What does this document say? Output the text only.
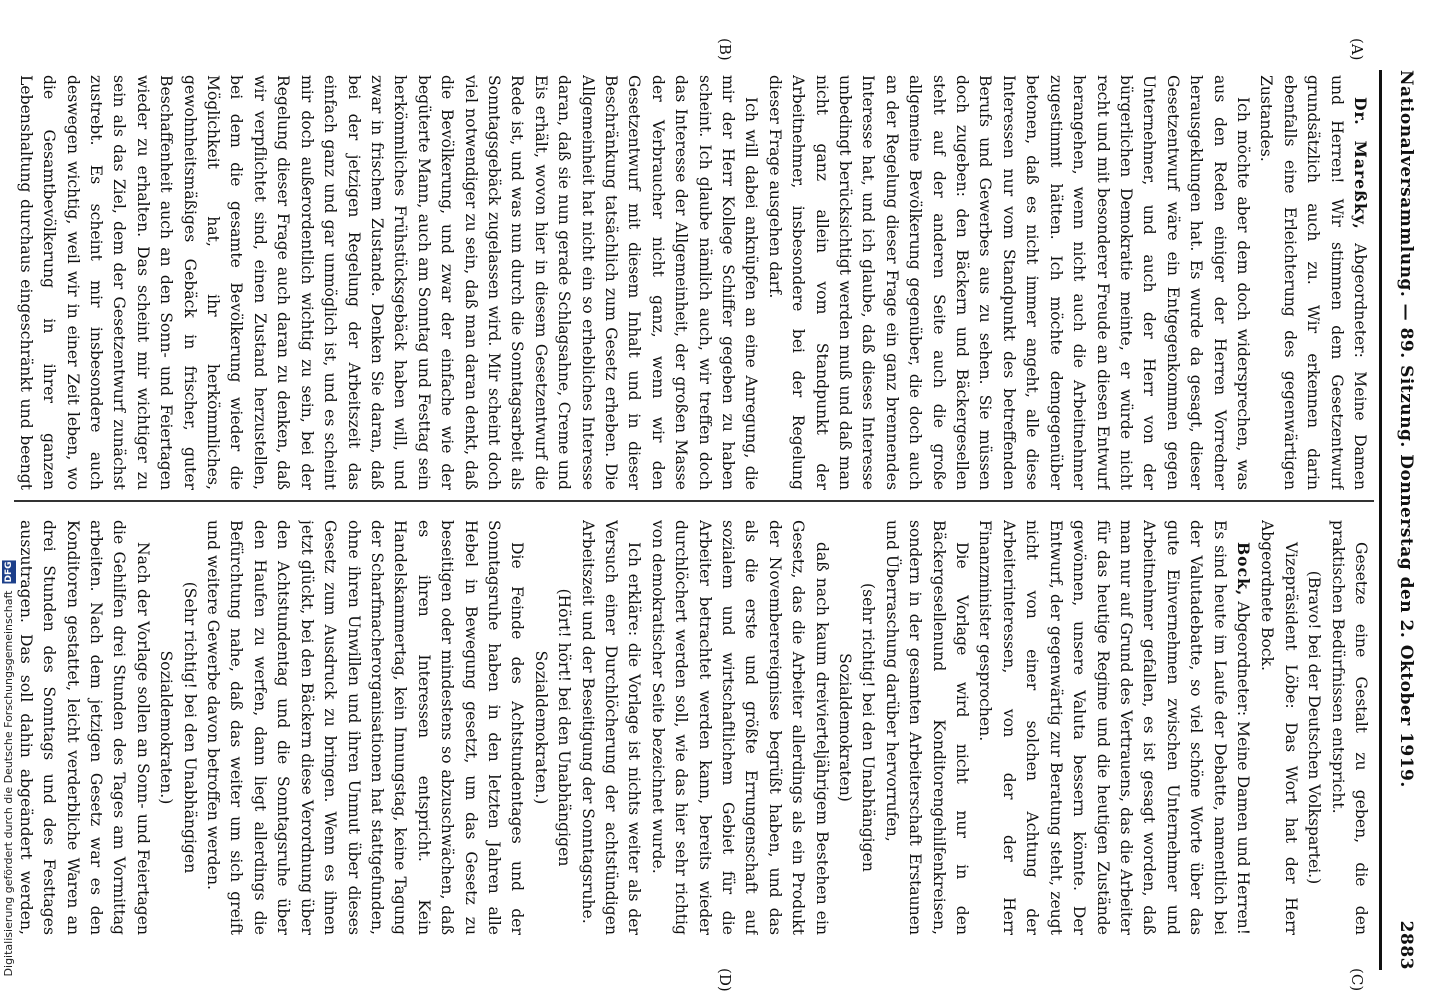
Nationalversammlung. — 89. Sitzung. Donnerstag den 2. Oktober 1919.
2883
(A)
(B)
(C)
(D)

Dr. Mareßky, Abgeordneter: Meine Damen und Herren! Wir stimmen dem Gesetzentwurf grundsätzlich auch zu. Wir erkennen darin ebenfalls eine Erleichterung des gegenwärtigen Zustandes.

Ich möchte aber dem doch widersprechen, was aus den Reden einiger der Herren Vorredner herausgeklungen hat. Es wurde da gesagt, dieser Gesetzentwurf wäre ein Entgegenkommen gegen Unternehmer, und auch der Herr von der bürgerlichen Demokratie meinte, er würde nicht recht und mit besonderer Freude an diesen Entwurf herangehen, wenn nicht auch die Arbeitnehmer zugestimmt hätten. Ich möchte demgegenüber betonen, daß es nicht immer angeht, alle diese Interessen nur vom Standpunkt des betreffenden Berufs und Gewerbes aus zu sehen. Sie müssen doch zugeben: den Bäckern und Bäckergesellen steht auf der anderen Seite auch die große allgemeine Bevölkerung gegenüber, die doch auch an der Regelung dieser Frage ein ganz brennendes Interesse hat, und ich glaube, daß dieses Interesse unbedingt berücksichtigt werden muß und daß man nicht ganz allein vom Standpunkt der Arbeitnehmer, insbesondere bei der Regelung dieser Frage ausgehen darf.

Ich will dabei anknüpfen an eine Anregung, die mir der Herr Kollege Schiffer gegeben zu haben scheint. Ich glaube nämlich auch, wir treffen doch das Interesse der Allgemeinheit, der großen Masse der Verbraucher nicht ganz, wenn wir den Gesetzentwurf mit diesem Inhalt und in dieser Beschränkung tatsächlich zum Gesetz erheben. Die Allgemeinheit hat nicht ein so erhebliches Interesse daran, daß sie nun gerade Schlagsahne, Creme und Eis erhält, wovon hier in diesem Gesetzentwurf die Rede ist, und was nun durch die Sonntagsarbeit als Sonntagsgebäck zugelassen wird. Mir scheint doch viel notwendiger zu sein, daß man daran denkt, daß die Bevölkerung, und zwar der einfache wie der begüterte Mann, auch am Sonntag und Festtag sein herkömmliches Frühstücksgebäck haben will, und zwar in frischem Zustande. Denken Sie daran, daß bei der jetzigen Regelung der Arbeitszeit das einfach ganz und gar unmöglich ist, und es scheint mir doch außerordentlich wichtig zu sein, bei der Regelung dieser Frage auch daran zu denken, daß wir verpflichtet sind, einen Zustand herzustellen, bei dem die gesamte Bevölkerung wieder die Möglichkeit hat, ihr herkömmliches, gewohnheitsmäßiges Gebäck in frischer, guter Beschaffenheit auch an den Sonn- und Feiertagen wieder zu erhalten. Das scheint mir wichtiger zu sein als das Ziel, dem der Gesetzentwurf zunächst zustrebt. Es scheint mir insbesondere auch deswegen wichtig, weil wir in einer Zeit leben, wo die Gesamtbevölkerung in ihrer ganzen Lebenshaltung durchaus eingeschränkt und beengt

Gesetze eine Gestalt zu geben, die den praktischen Bedürfnissen entspricht.

(Bravo! bei der Deutschen Volkspartei.)

Vizepräsident Löbe: Das Wort hat der Herr Abgeordnete Bock.

Bock, Abgeordneter: Meine Damen und Herren! Es sind heute im Laufe der Debatte, namentlich bei der Valutadebatte, so viel schöne Worte über das gute Einvernehmen zwischen Unternehmer und Arbeitnehmer gefallen, es ist gesagt worden, daß man nur auf Grund des Vertrauens, das die Arbeiter für das heutige Regime und die heutigen Zustände gewönnen, unsere Valuta bessern könnte. Der Entwurf, der gegenwärtig zur Beratung steht, zeugt nicht von einer solchen Achtung der Arbeiterinteressen, von der der Herr Finanzminister gesprochen.

Die Vorlage wird nicht nur in den Bäckergesellenund Konditorengehilfenkreisen, sondern in der gesamten Arbeiterschaft Erstaunen und Überraschung darüber hervorrufen,

(sehr richtig! bei den Unabhängigen Sozialdemokraten)

daß nach kaum dreivierteljährigem Bestehen ein Gesetz, das die Arbeiter allerdings als ein Produkt der Novemberereignisse begrüßt haben, und das als die erste und größte Errungenschaft auf sozialem und wirtschaftlichem Gebiet für die Arbeiter betrachtet werden kann, bereits wieder durchlöchert werden soll, wie das hier sehr richtig von demokratischer Seite bezeichnet wurde.

Ich erkläre: die Vorlage ist nichts weiter als der Versuch einer Durchlöcherung der achtstündigen Arbeitszeit und der Beseitigung der Sonntagsruhe.

(Hört! hört! bei den Unabhängigen Sozialdemokraten.)

Die Feinde des Achtstundentages und der Sonntagsruhe haben in den letzten Jahren alle Hebel in Bewegung gesetzt, um das Gesetz zu beseitigen oder mindestens so abzuschwächen, daß es ihren Interessen entspricht. Kein Handelskammertag, kein Innungstag, keine Tagung der Scharfmacherorganisationen hat stattgefunden, ohne ihren Unwillen und ihren Unmut über dieses Gesetz zum Ausdruck zu bringen. Wenn es ihnen jetzt glückt, bei den Bäckern diese Verordnung über den Achtstundentag und die Sonntagsruhe über den Haufen zu werfen, dann liegt allerdings die Befürchtung nahe, daß das weiter um sich greift und weitere Gewerbe davon betroffen werden.

(Sehr richtig! bei den Unabhängigen Sozialdemokraten.)

Nach der Vorlage sollen an Sonn- und Feiertagen die Gehilfen drei Stunden des Tages am Vormittag arbeiten. Nach dem jetzigen Gesetz war es den Konditoren gestattet, leicht verderbliche Waren an drei Stunden des Sonntags und des Festtages auszutragen. Das soll dahin abgeändert werden,

Digitalisierung gefördert durch die Deutsche Forschungsgemeinschaft DFG
